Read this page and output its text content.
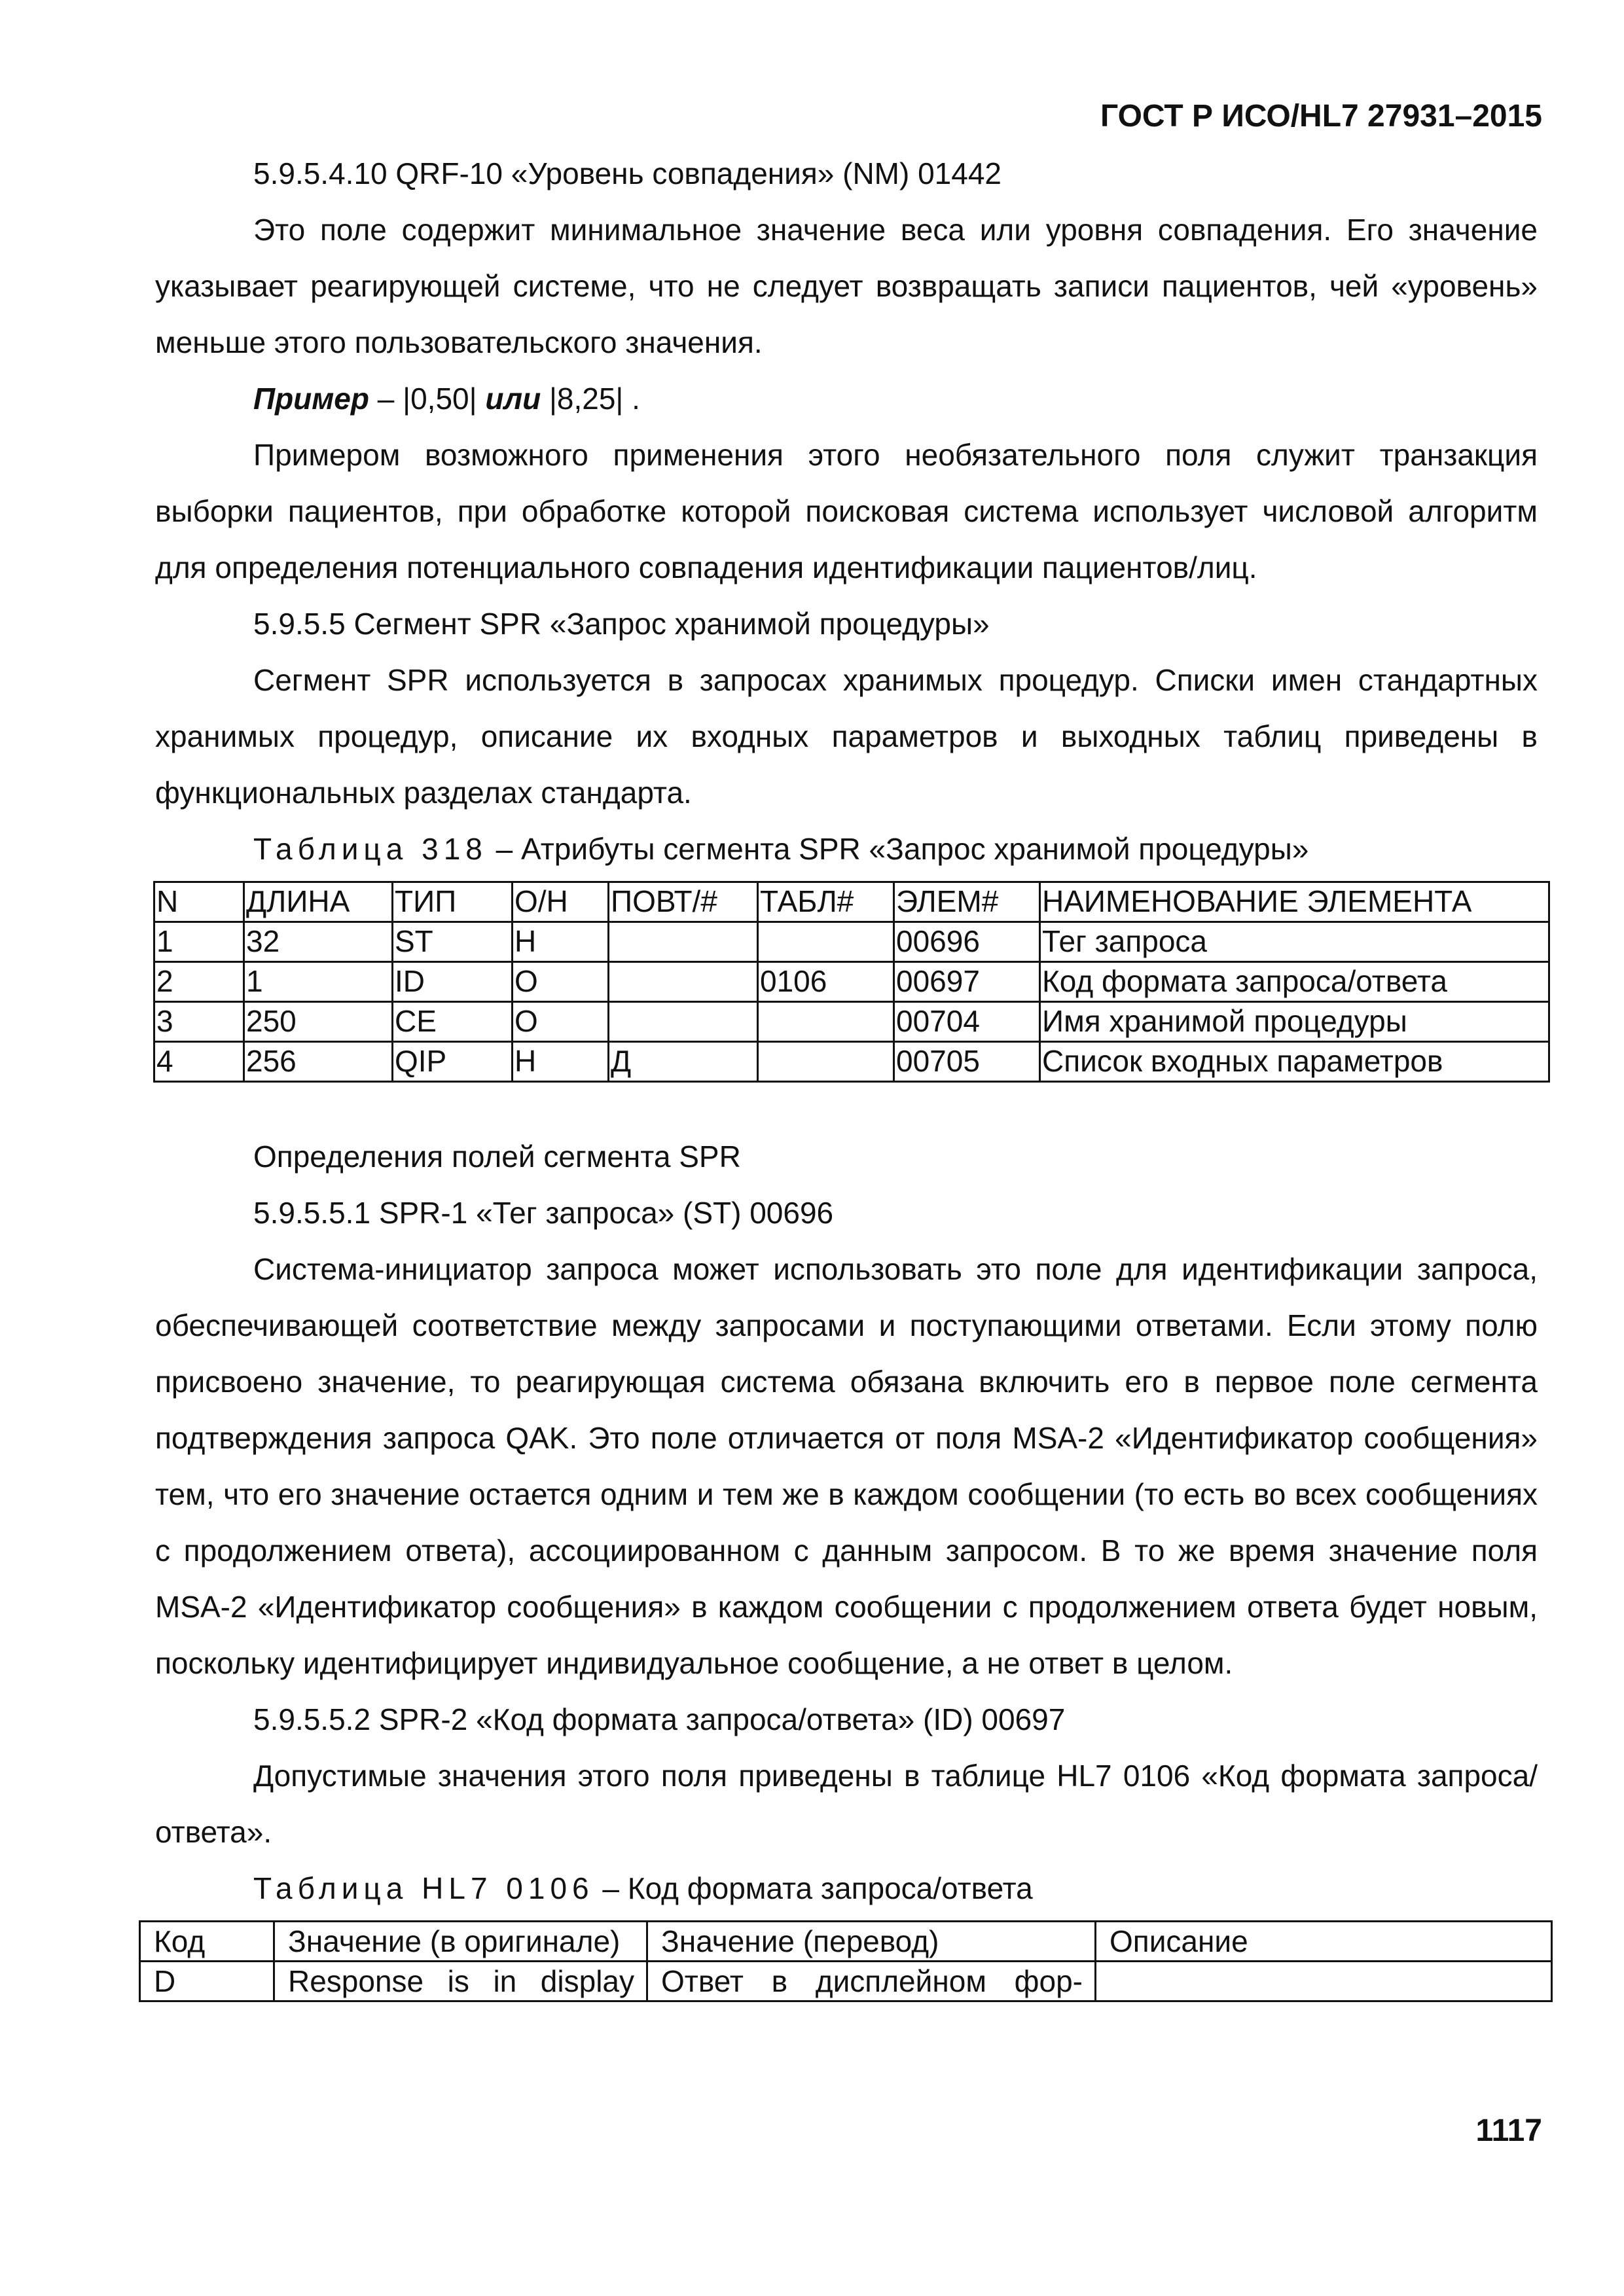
ГОСТ Р ИСО/HL7 27931–2015

5.9.5.4.10 QRF-10 «Уровень совпадения» (NM) 01442

Это поле содержит минимальное значение веса или уровня совпадения. Его значение указывает реагирующей системе, что не следует возвращать записи пациентов, чей «уровень» меньше этого пользовательского значения.

Пример – |0,50| или |8,25| .

Примером возможного применения этого необязательного поля служит транзакция выборки пациентов, при обработке которой поисковая система использует числовой алгоритм для определения потенциального совпадения идентификации пациентов/лиц.

5.9.5.5 Сегмент SPR «Запрос хранимой процедуры»

Сегмент SPR используется в запросах хранимых процедур. Списки имен стандартных хранимых процедур, описание их входных параметров и выходных таблиц приведены в функциональных разделах стандарта.

Таблица 318 – Атрибуты сегмента SPR «Запрос хранимой процедуры»

N	ДЛИНА	ТИП	О/Н	ПОВТ/#	ТАБЛ#	ЭЛЕМ#	НАИМЕНОВАНИЕ ЭЛЕМЕНТА
1	32	ST	Н			00696	Тег запроса
2	1	ID	О		0106	00697	Код формата запроса/ответа
3	250	CE	О			00704	Имя хранимой процедуры
4	256	QIP	Н	Д		00705	Список входных параметров

Определения полей сегмента SPR

5.9.5.5.1 SPR-1 «Тег запроса» (ST) 00696

Система-инициатор запроса может использовать это поле для идентификации запроса, обеспечивающей соответствие между запросами и поступающими ответами. Если этому полю присвоено значение, то реагирующая система обязана включить его в первое поле сегмента подтверждения запроса QAK. Это поле отличается от поля MSA-2 «Идентификатор сообщения» тем, что его значение остается одним и тем же в каждом сообщении (то есть во всех сообщениях с продолжением ответа), ассоциированном с данным запросом. В то же время значение поля MSA-2 «Идентификатор сообщения» в каждом сообщении с продолжением ответа будет новым, поскольку идентифицирует индивидуальное сообщение, а не ответ в целом.

5.9.5.5.2 SPR-2 «Код формата запроса/ответа» (ID) 00697

Допустимые значения этого поля приведены в таблице HL7 0106 «Код формата запроса/ответа».

Таблица HL7 0106 – Код формата запроса/ответа

Код	Значение (в оригинале)	Значение (перевод)	Описание
D	Response is in display	Ответ в дисплейном фор-	
1117
